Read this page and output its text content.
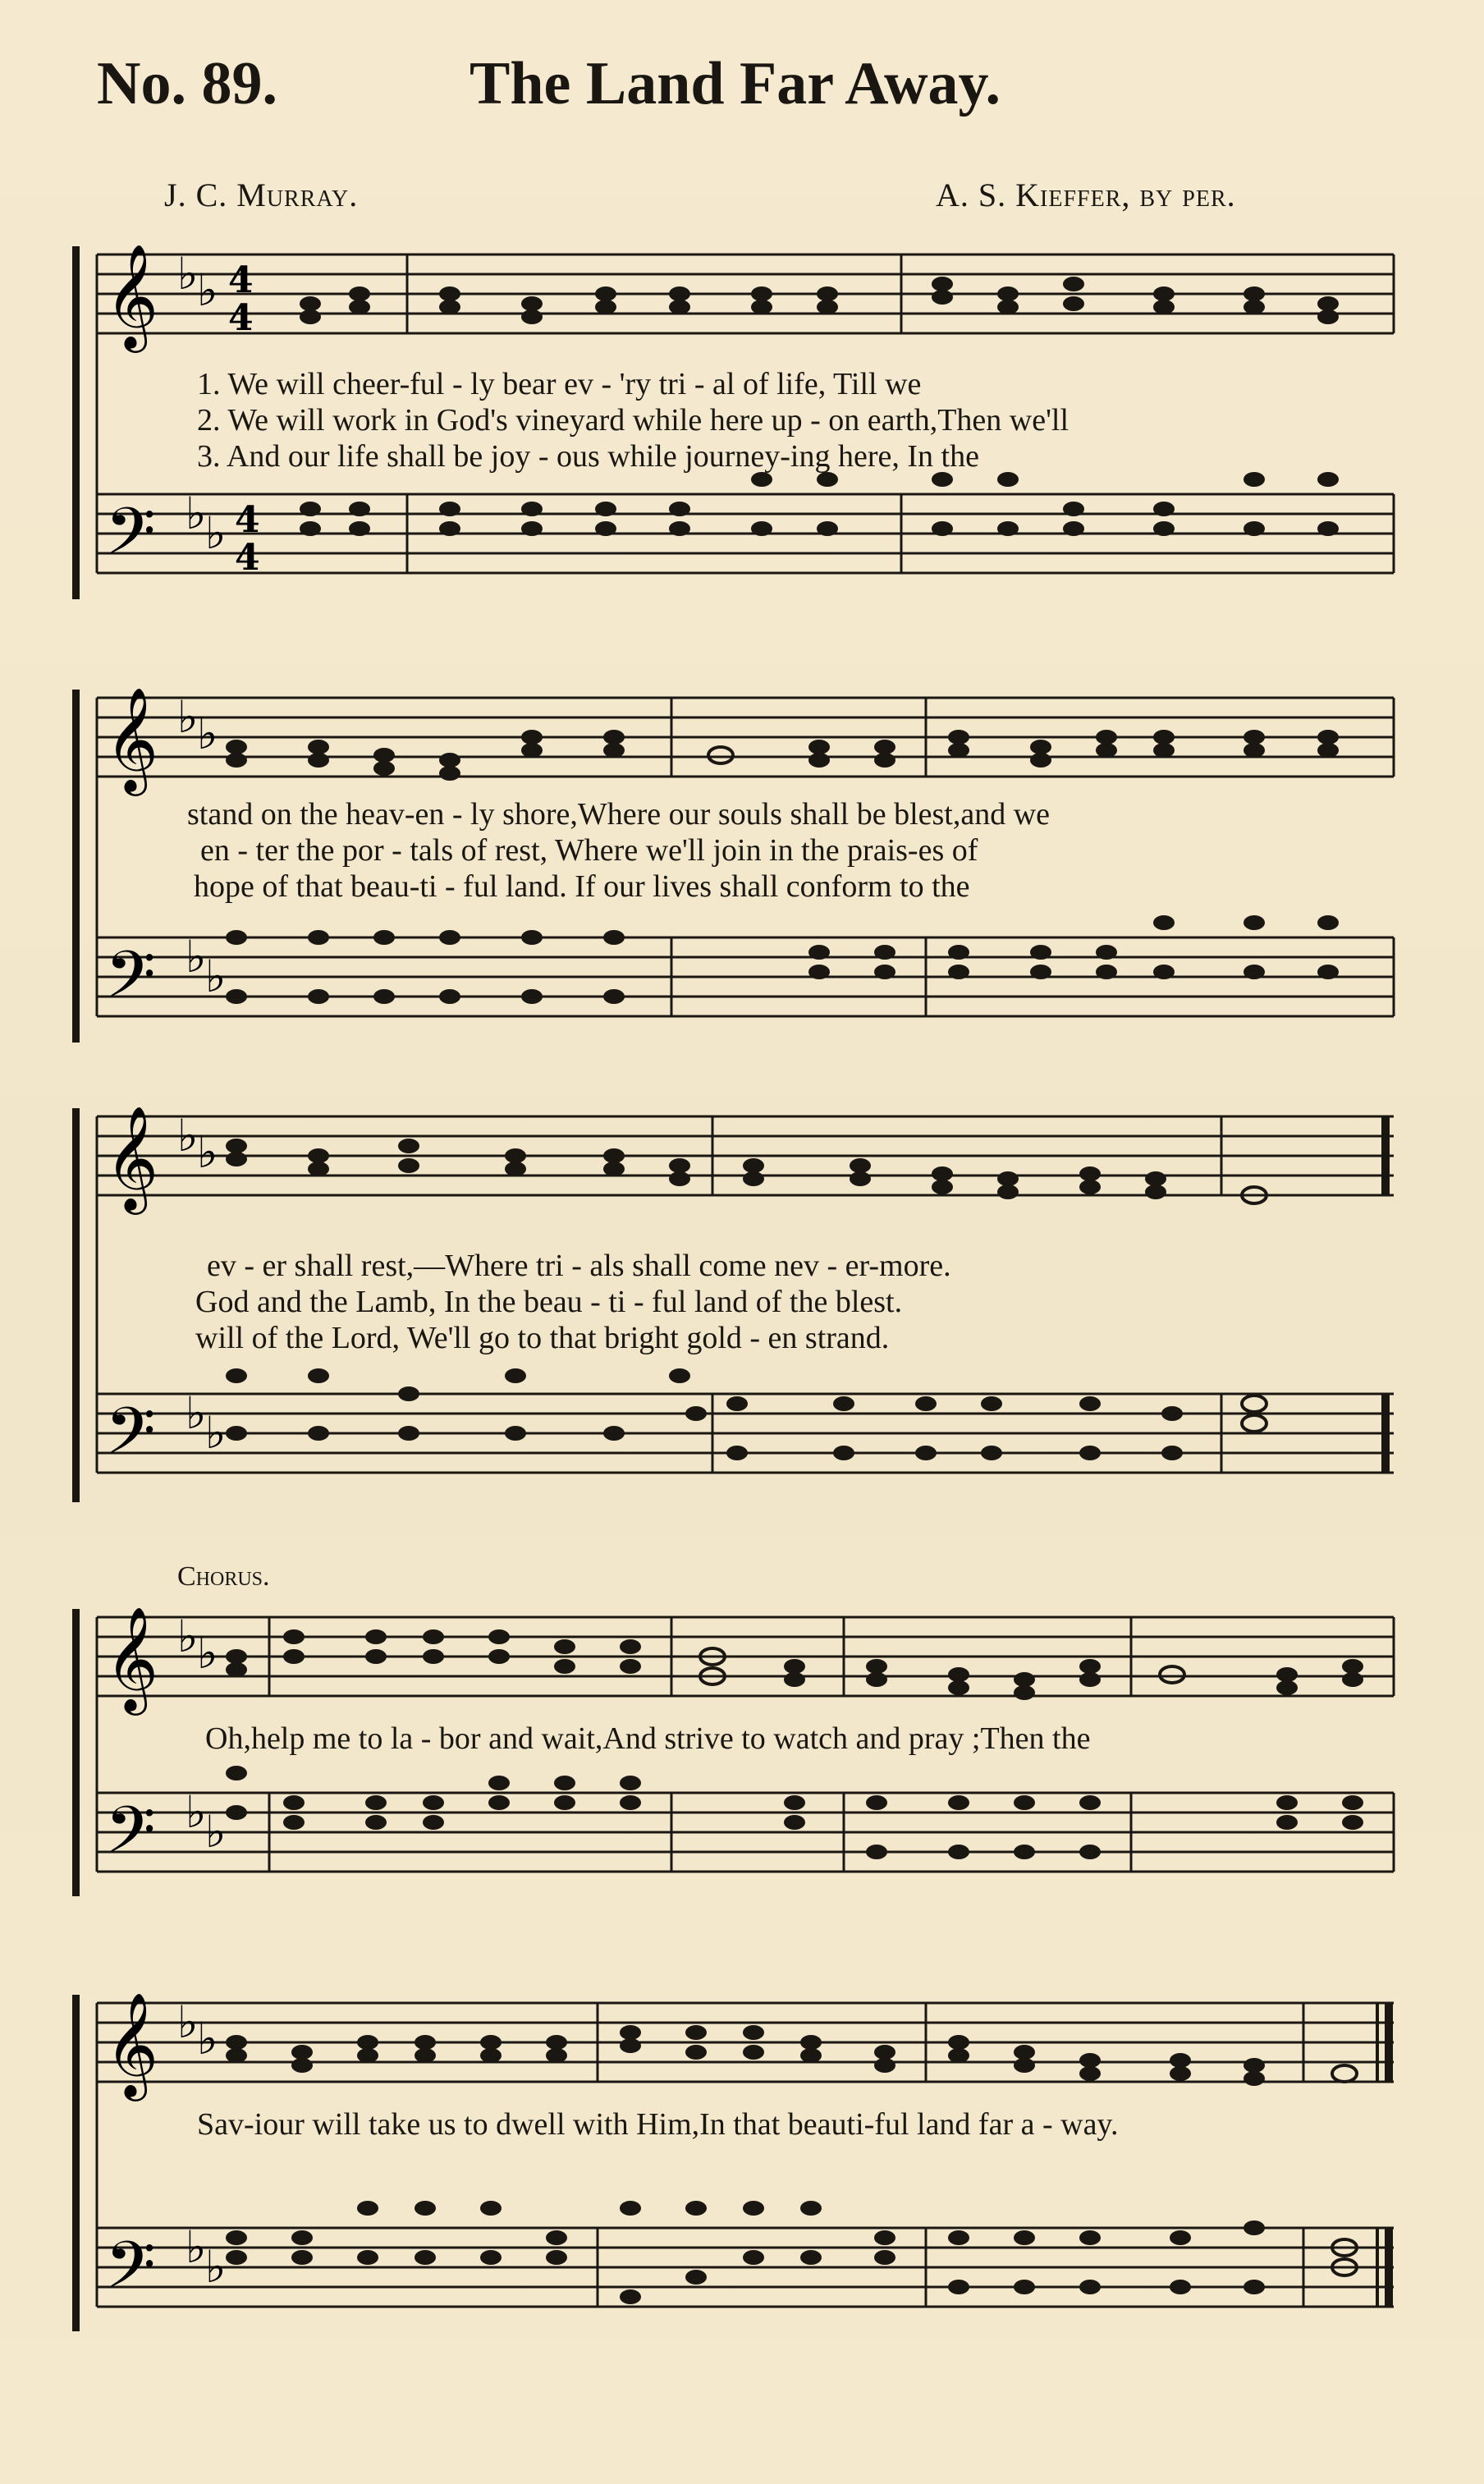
No. 89.	The Land Far Away.
J. C. Murray.	A. S. Kieffer, by per.
𝄞
𝄢
♭
♭
♭
♭
4
4
4
4
1. We will cheer-ful - ly bear ev - 'ry tri - al of life, Till we
2. We will work in God's vineyard while here up - on earth,Then we'll
3. And our life shall be joy - ous while journey-ing here, In the
𝄞
𝄢
♭
♭
♭
♭
stand on the heav-en - ly shore,Where our souls shall be blest,and we
en - ter the por - tals of rest, Where we'll join in the prais-es of
hope of that beau-ti - ful land. If our lives shall conform to the
𝄞
𝄢
♭
♭
♭
♭
ev - er shall rest,—Where tri - als shall come nev - er-more.
God and the Lamb, In the beau - ti - ful land of the blest.
will of the Lord, We'll go to that bright gold - en strand.
Chorus.
𝄞
𝄢
♭
♭
♭
♭
Oh,help me to la - bor and wait,And strive to watch and pray ;Then the
𝄞
𝄢
♭
♭
♭
♭
Sav-iour will take us to dwell with Him,In that beauti-ful land far a - way.
